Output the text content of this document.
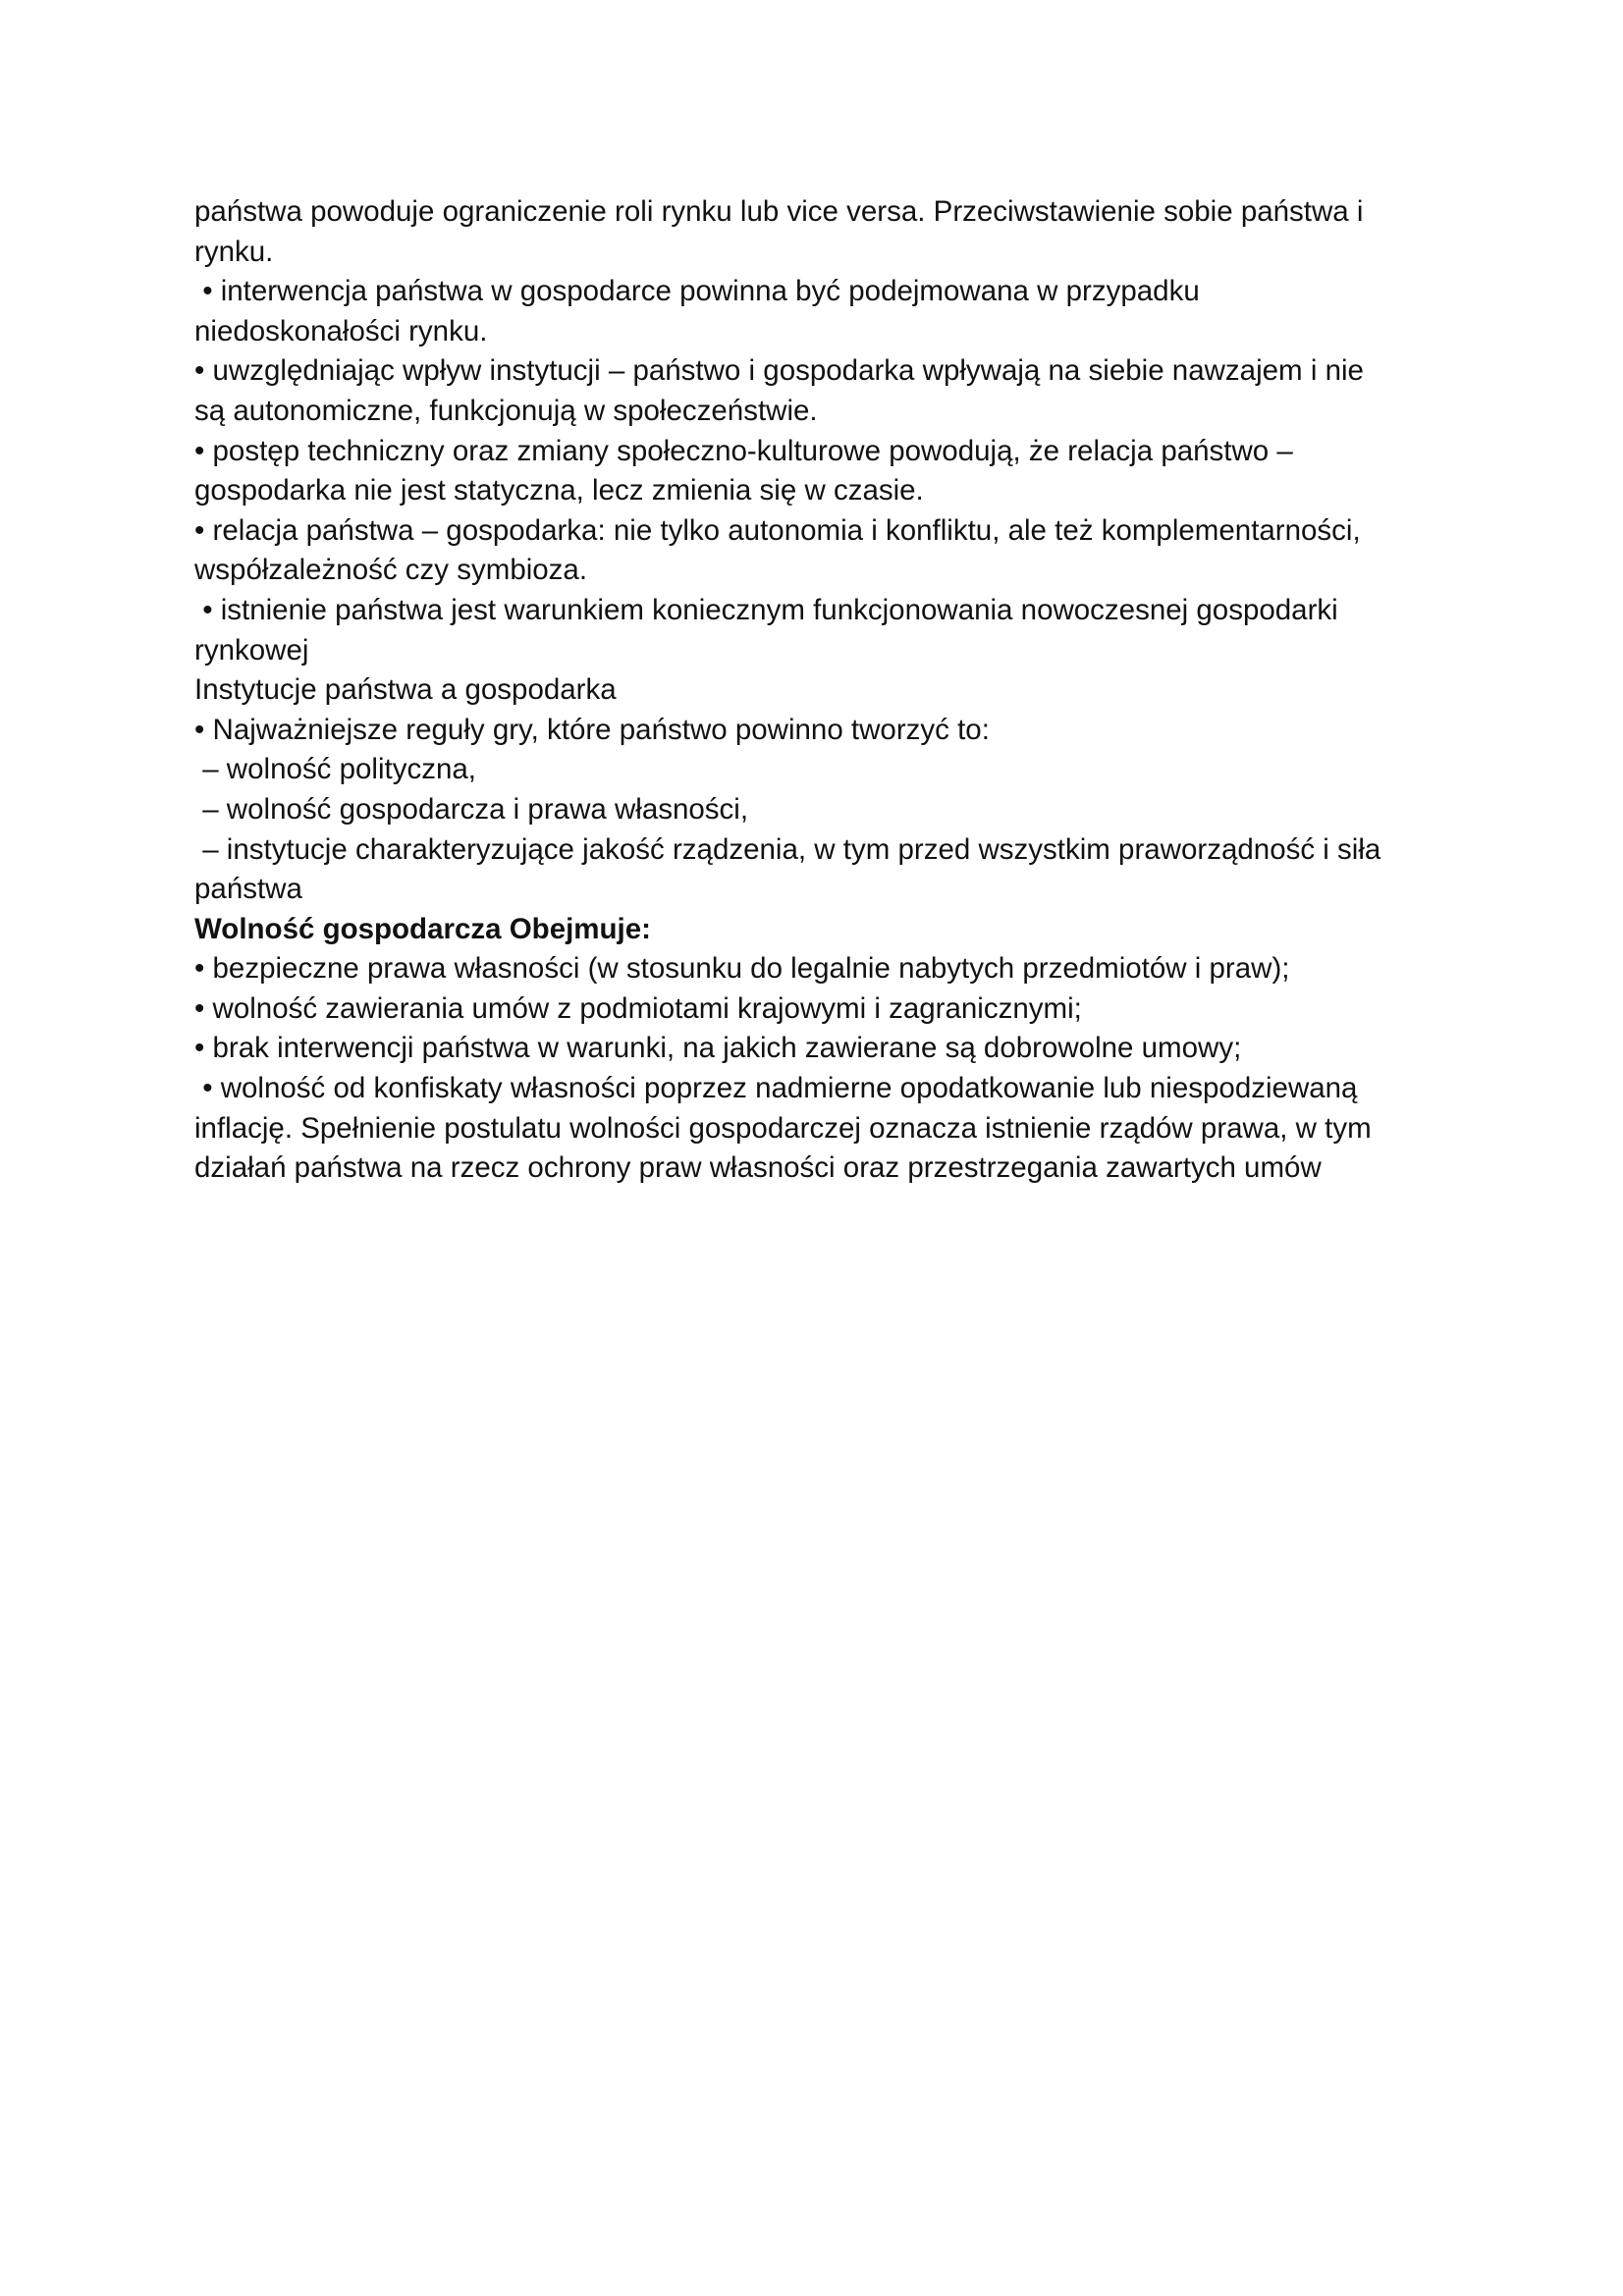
państwa powoduje ograniczenie roli rynku lub vice versa. Przeciwstawienie sobie państwa i
rynku.
• interwencja państwa w gospodarce powinna być podejmowana w przypadku
niedoskonałości rynku.
• uwzględniając wpływ instytucji – państwo i gospodarka wpływają na siebie nawzajem i nie
są autonomiczne, funkcjonują w społeczeństwie.
• postęp techniczny oraz zmiany społeczno-kulturowe powodują, że relacja państwo –
gospodarka nie jest statyczna, lecz zmienia się w czasie.
• relacja państwa – gospodarka: nie tylko autonomia i konfliktu, ale też komplementarności,
współzależność czy symbioza.
• istnienie państwa jest warunkiem koniecznym funkcjonowania nowoczesnej gospodarki
rynkowej
Instytucje państwa a gospodarka
• Najważniejsze reguły gry, które państwo powinno tworzyć to:
– wolność polityczna,
– wolność gospodarcza i prawa własności,
– instytucje charakteryzujące jakość rządzenia, w tym przed wszystkim praworządność i siła
państwa
Wolność gospodarcza Obejmuje:
• bezpieczne prawa własności (w stosunku do legalnie nabytych przedmiotów i praw);
• wolność zawierania umów z podmiotami krajowymi i zagranicznymi;
• brak interwencji państwa w warunki, na jakich zawierane są dobrowolne umowy;
• wolność od konfiskaty własności poprzez nadmierne opodatkowanie lub niespodziewaną
inflację. Spełnienie postulatu wolności gospodarczej oznacza istnienie rządów prawa, w tym
działań państwa na rzecz ochrony praw własności oraz przestrzegania zawartych umów
